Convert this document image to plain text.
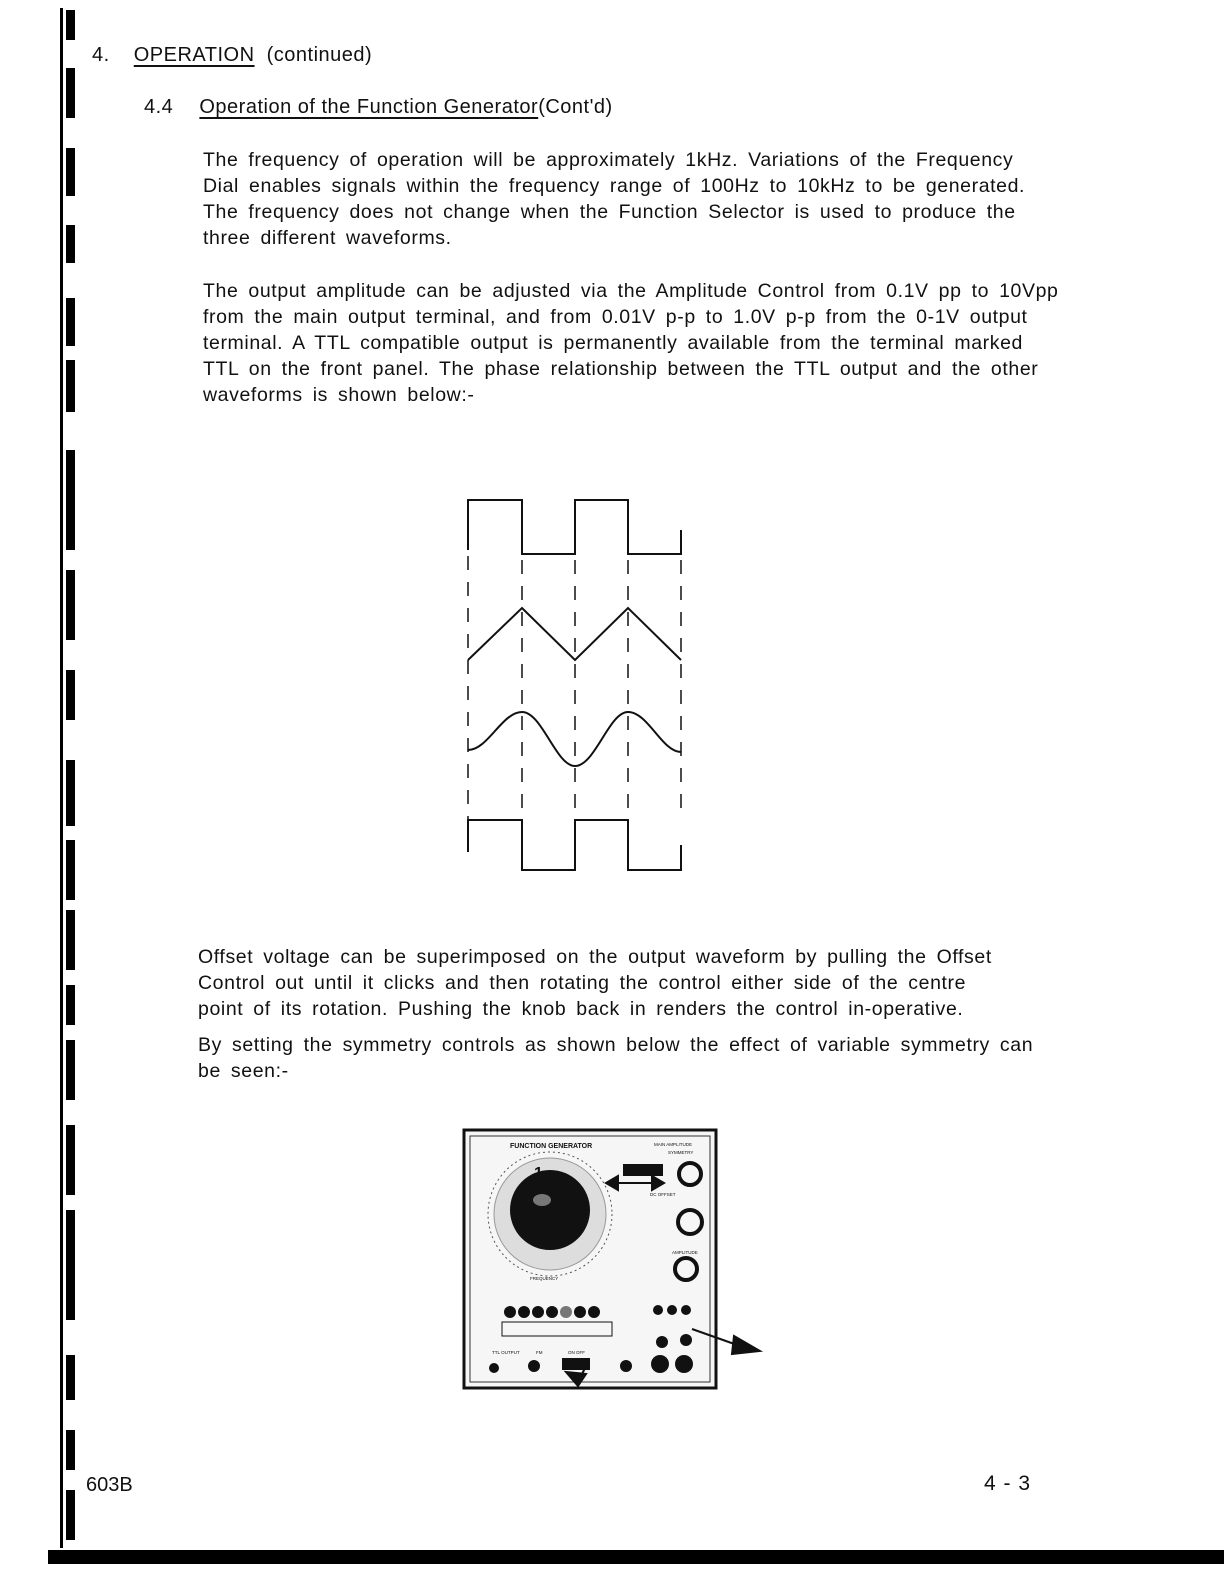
4. OPERATION (continued)
4.4 Operation of the Function Generator(Cont'd)

The frequency of operation will be approximately 1kHz. Variations of the Frequency

Dial enables signals within the frequency range of 100Hz to 10kHz to be generated.

The frequency does not change when the Function Selector is used to produce the

three different waveforms.

The output amplitude can be adjusted via the Amplitude Control from 0.1V pp to 10Vpp

from the main output terminal, and from 0.01V p-p to 1.0V p-p from the 0-1V output

terminal. A TTL compatible output is permanently available from the terminal marked

TTL on the front panel. The phase relationship between the TTL output and the other

waveforms is shown below:-

Offset voltage can be superimposed on the output waveform by pulling the Offset

Control out until it clicks and then rotating the control either side of the centre

point of its rotation. Pushing the knob back in renders the control in-operative.

By setting the symmetry controls as shown below the effect of variable symmetry can

be seen:-

FUNCTION GENERATOR	MAIN AMPLITUDE
SYMMETRY
1
FREQUENCY
DC OFFSET
AMPLITUDE
TTL OUTPUT	FM	ON OFF
603B	4 - 3
